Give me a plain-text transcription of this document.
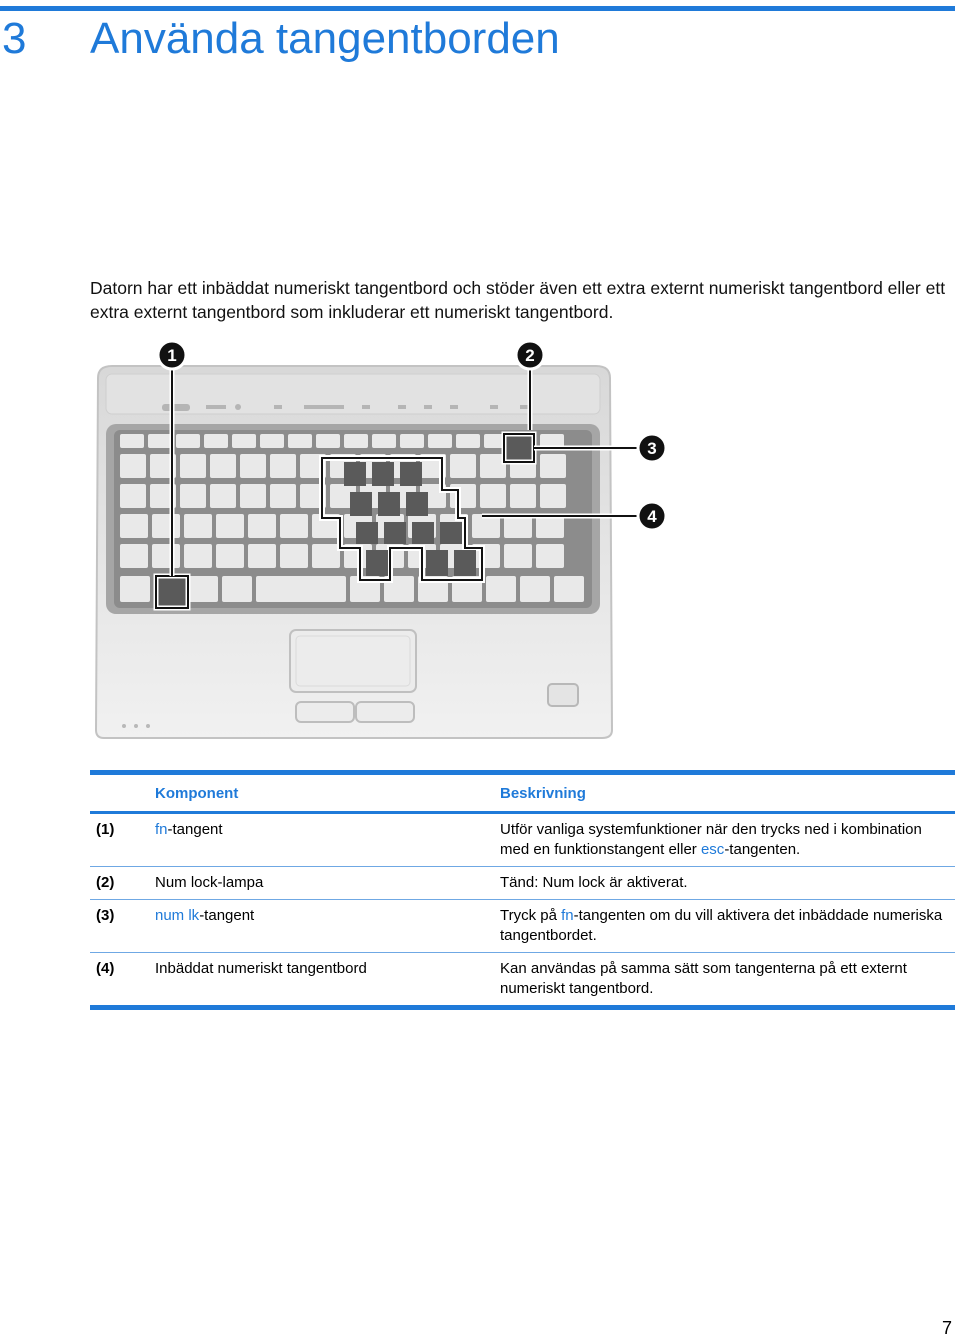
3 Använda tangentborden

Datorn har ett inbäddat numeriskt tangentbord och stöder även ett extra externt numeriskt tangentbord eller ett extra externt tangentbord som inkluderar ett numeriskt tangentbord.

1	2
3
4
Komponent	Beskrivning
(1)	fn-tangent	Utför vanliga systemfunktioner när den trycks ned i kombination med en funktionstangent eller esc-tangenten.
(2)	Num lock-lampa	Tänd: Num lock är aktiverat.
(3)	num lk-tangent	Tryck på fn-tangenten om du vill aktivera det inbäddade numeriska tangentbordet.
(4)	Inbäddat numeriskt tangentbord	Kan användas på samma sätt som tangenterna på ett externt numeriskt tangentbord.
7
